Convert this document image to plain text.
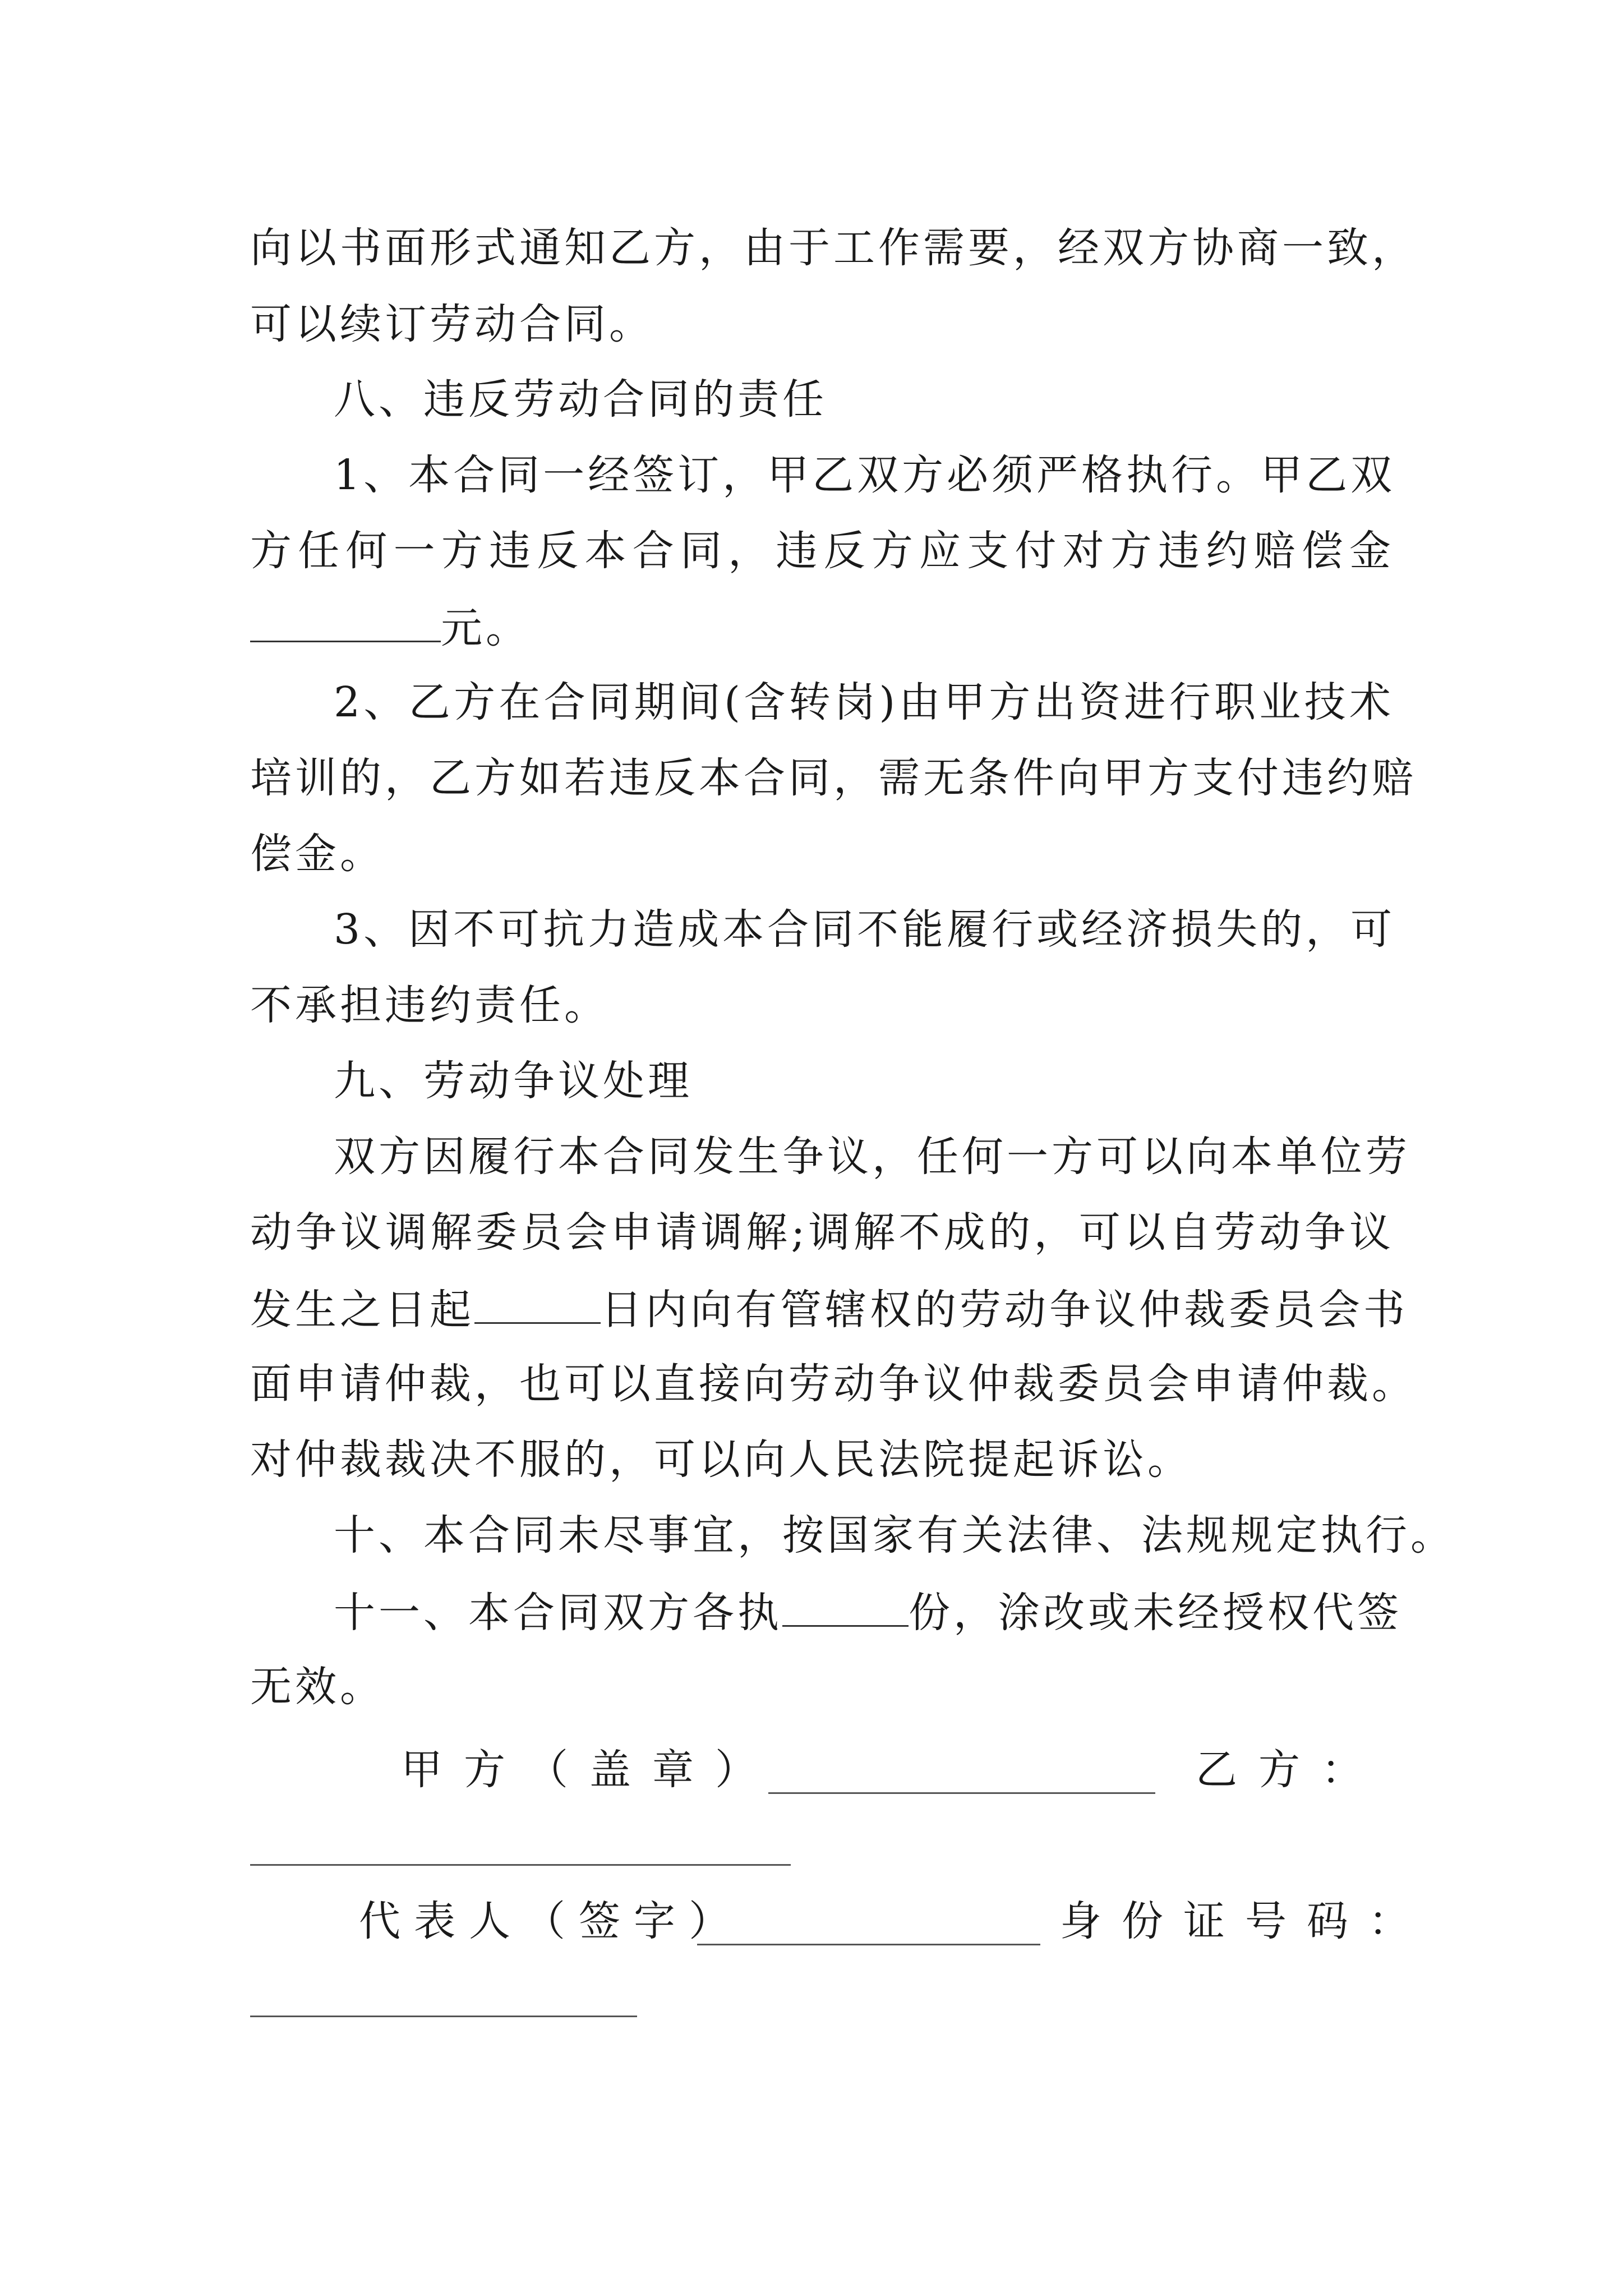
向以书面形式通知乙方，由于工作需要，经双方协商一致，
可以续订劳动合同。
八、违反劳动合同的责任
1、本合同一经签订，甲乙双方必须严格执行。甲乙双
方任何一方违反本合同，违反方应支付对方违约赔偿金
元。
2、乙方在合同期间(含转岗)由甲方出资进行职业技术
培训的，乙方如若违反本合同，需无条件向甲方支付违约赔
偿金。
3、因不可抗力造成本合同不能履行或经济损失的，可
不承担违约责任。
九、劳动争议处理
双方因履行本合同发生争议，任何一方可以向本单位劳
动争议调解委员会申请调解;调解不成的，可以自劳动争议
发生之日起	日内向有管辖权的劳动争议仲裁委员会书
面申请仲裁，也可以直接向劳动争议仲裁委员会申请仲裁。
对仲裁裁决不服的，可以向人民法院提起诉讼。
十、本合同未尽事宜，按国家有关法律、法规规定执行。
十一、本合同双方各执	份，涂改或未经授权代签
无效。
甲方（盖章）	乙方：
代表人（签字）	身份证号码：
